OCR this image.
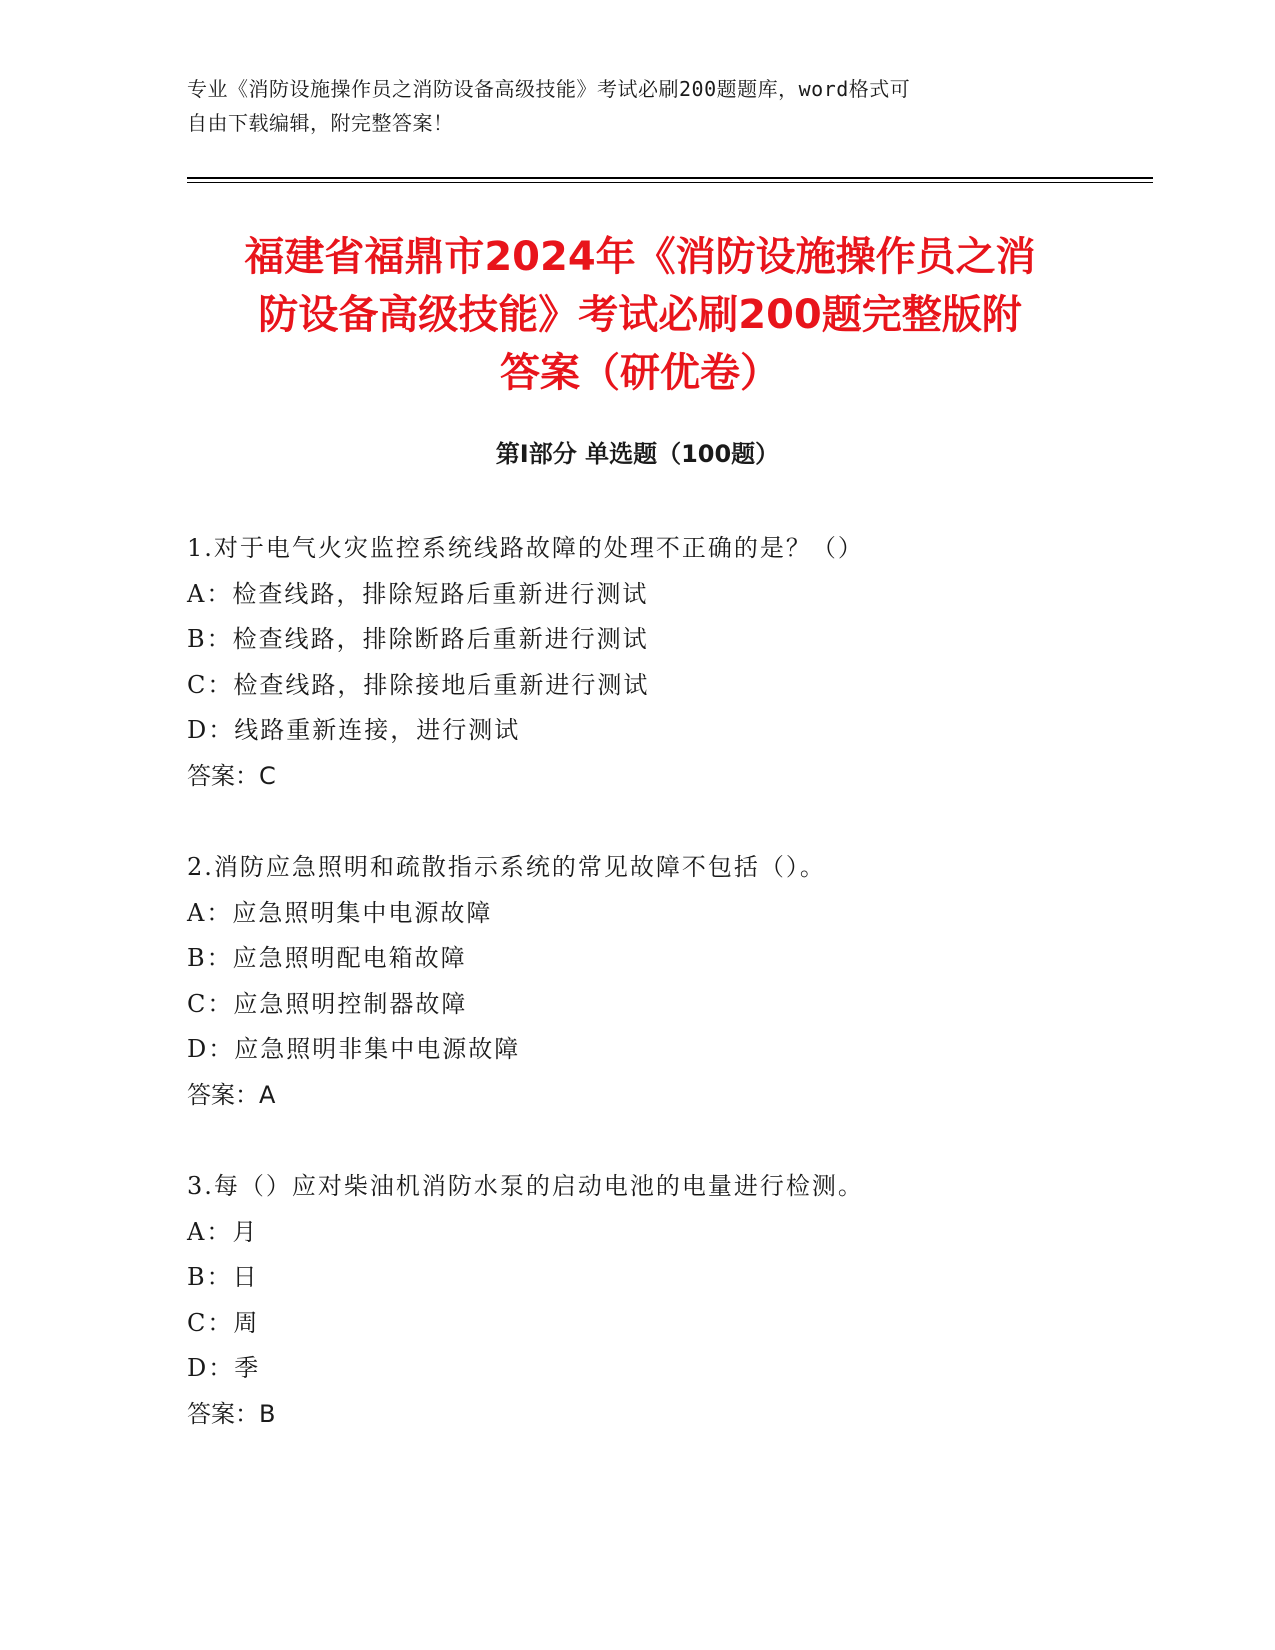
专业《消防设施操作员之消防设备高级技能》考试必刷200题题库，word格式可
自由下载编辑，附完整答案！
福建省福鼎市2024年《消防设施操作员之消
防设备高级技能》考试必刷200题完整版附
答案（研优卷）
第I部分 单选题（100题）
1.对于电气火灾监控系统线路故障的处理不正确的是？（）
A：检查线路，排除短路后重新进行测试
B：检查线路，排除断路后重新进行测试
C：检查线路，排除接地后重新进行测试
D：线路重新连接，进行测试
答案：C
2.消防应急照明和疏散指示系统的常见故障不包括（）。
A：应急照明集中电源故障
B：应急照明配电箱故障
C：应急照明控制器故障
D：应急照明非集中电源故障
答案：A
3.每（）应对柴油机消防水泵的启动电池的电量进行检测。
A：月
B：日
C：周
D：季
答案：B
